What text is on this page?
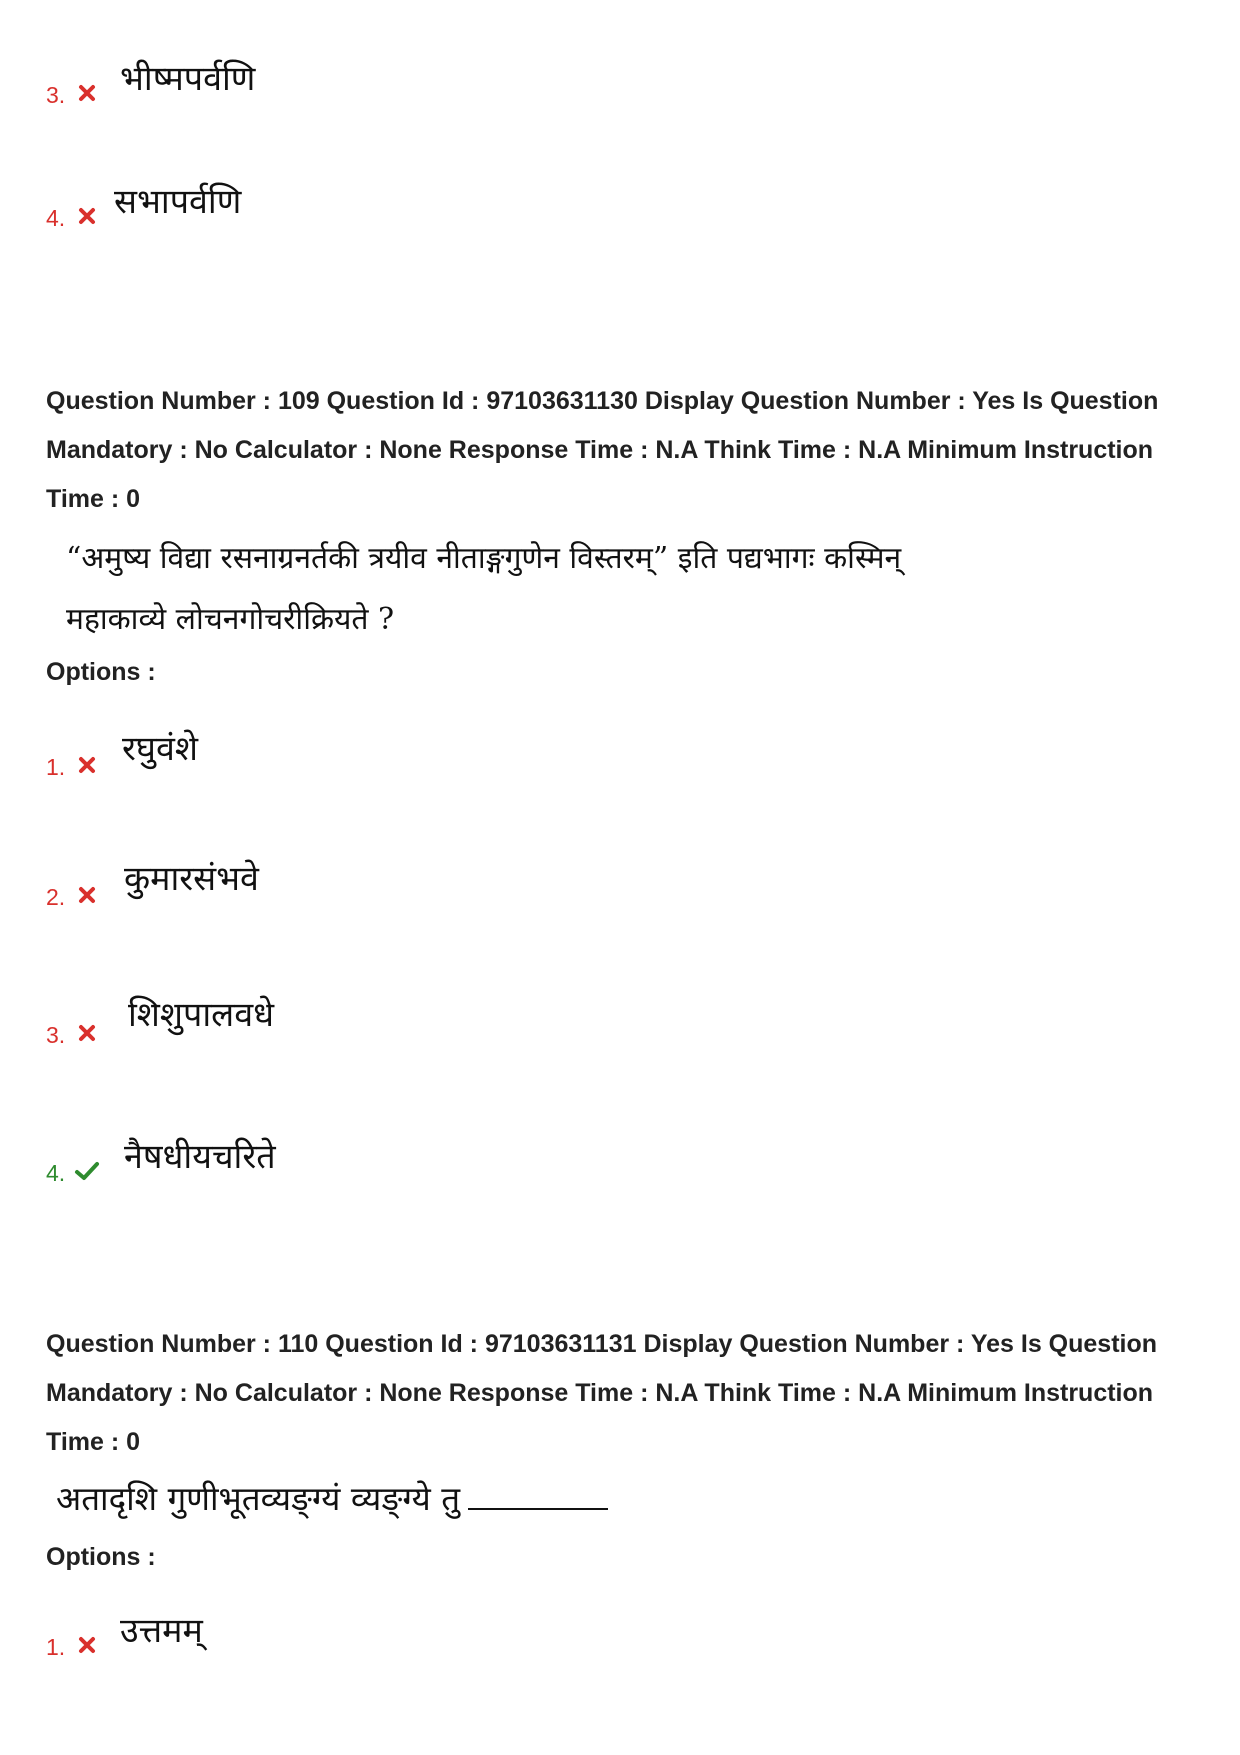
3. भीष्मपर्वणि
4. सभापर्वणि
Question Number : 109 Question Id : 97103631130 Display Question Number : Yes Is Question
Mandatory : No Calculator : None Response Time : N.A Think Time : N.A Minimum Instruction
Time : 0
“अमुष्य विद्या रसनाग्रनर्तकी त्रयीव नीताङ्गगुणेन विस्तरम्” इति पद्यभागः कस्मिन्
महाकाव्ये लोचनगोचरीक्रियते ?
Options :
1. रघुवंशे
2. कुमारसंभवे
3. शिशुपालवधे
4. नैषधीयचरिते
Question Number : 110 Question Id : 97103631131 Display Question Number : Yes Is Question
Mandatory : No Calculator : None Response Time : N.A Think Time : N.A Minimum Instruction
Time : 0
अतादृशि गुणीभूतव्यङ्ग्यं व्यङ्ग्ये तु
Options :
1. उत्तमम्
